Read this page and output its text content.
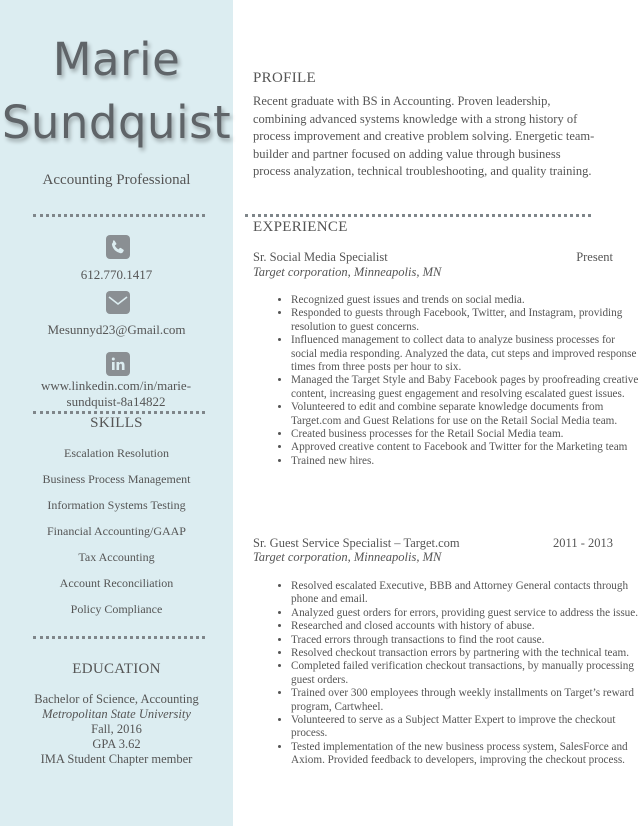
Marie
Sundquist
Accounting Professional
612.770.1417
Mesunnyd23@Gmail.com
www.linkedin.com/in/marie-sundquist-8a14822
SKILLS
Escalation Resolution
Business Process Management
Information Systems Testing
Financial Accounting/GAAP
Tax Accounting
Account Reconciliation
Policy Compliance
EDUCATION
Bachelor of Science, Accounting
Metropolitan State University
Fall, 2016
GPA 3.62
IMA Student Chapter member
PROFILE
Recent graduate with BS in Accounting. Proven leadership, combining advanced systems knowledge with a strong history of process improvement and creative problem solving. Energetic team-builder and partner focused on adding value through business process analyzation, technical troubleshooting, and quality training.
EXPERIENCE
Sr. Social Media Specialist	Present
Target corporation, Minneapolis, MN
• Recognized guest issues and trends on social media.
• Responded to guests through Facebook, Twitter, and Instagram, providing resolution to guest concerns.
• Influenced management to collect data to analyze business processes for social media responding. Analyzed the data, cut steps and improved response times from three posts per hour to six.
• Managed the Target Style and Baby Facebook pages by proofreading creative content, increasing guest engagement and resolving escalated guest issues.
• Volunteered to edit and combine separate knowledge documents from Target.com and Guest Relations for use on the Retail Social Media team.
• Created business processes for the Retail Social Media team.
• Approved creative content to Facebook and Twitter for the Marketing team
• Trained new hires.
Sr. Guest Service Specialist – Target.com	2011 - 2013
Target corporation, Minneapolis, MN
• Resolved escalated Executive, BBB and Attorney General contacts through phone and email.
• Analyzed guest orders for errors, providing guest service to address the issue.
• Researched and closed accounts with history of abuse.
• Traced errors through transactions to find the root cause.
• Resolved checkout transaction errors by partnering with the technical team.
• Completed failed verification checkout transactions, by manually processing guest orders.
• Trained over 300 employees through weekly installments on Target’s reward program, Cartwheel.
• Volunteered to serve as a Subject Matter Expert to improve the checkout process.
• Tested implementation of the new business process system, SalesForce and Axiom. Provided feedback to developers, improving the checkout process.
